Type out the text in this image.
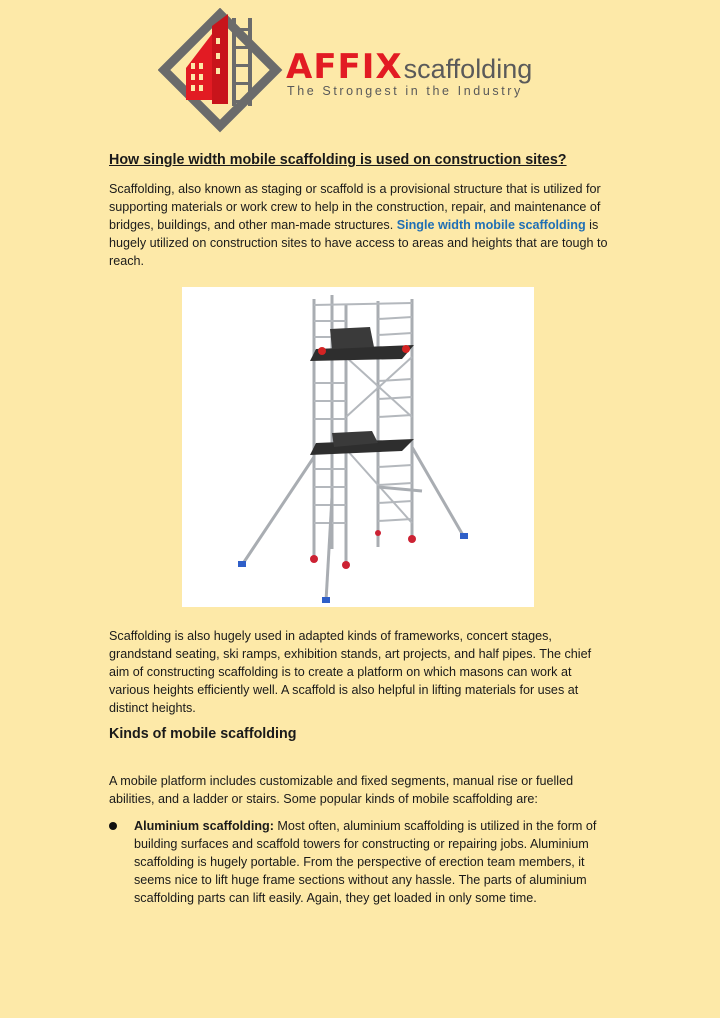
AFFIX scaffolding
The Strongest in the Industry
How single width mobile scaffolding is used on construction sites?
Scaffolding, also known as staging or scaffold is a provisional structure that is utilized for supporting materials or work crew to help in the construction, repair, and maintenance of bridges, buildings, and other man-made structures. Single width mobile scaffolding is hugely utilized on construction sites to have access to areas and heights that are tough to reach.
Scaffolding is also hugely used in adapted kinds of frameworks, concert stages, grandstand seating, ski ramps, exhibition stands, art projects, and half pipes. The chief aim of constructing scaffolding is to create a platform on which masons can work at various heights efficiently well. A scaffold is also helpful in lifting materials for uses at distinct heights.
Kinds of mobile scaffolding
A mobile platform includes customizable and fixed segments, manual rise or fuelled abilities, and a ladder or stairs. Some popular kinds of mobile scaffolding are:
Aluminium scaffolding: Most often, aluminium scaffolding is utilized in the form of building surfaces and scaffold towers for constructing or repairing jobs. Aluminium scaffolding is hugely portable. From the perspective of erection team members, it seems nice to lift huge frame sections without any hassle. The parts of aluminium scaffolding parts can lift easily. Again, they get loaded in only some time.
